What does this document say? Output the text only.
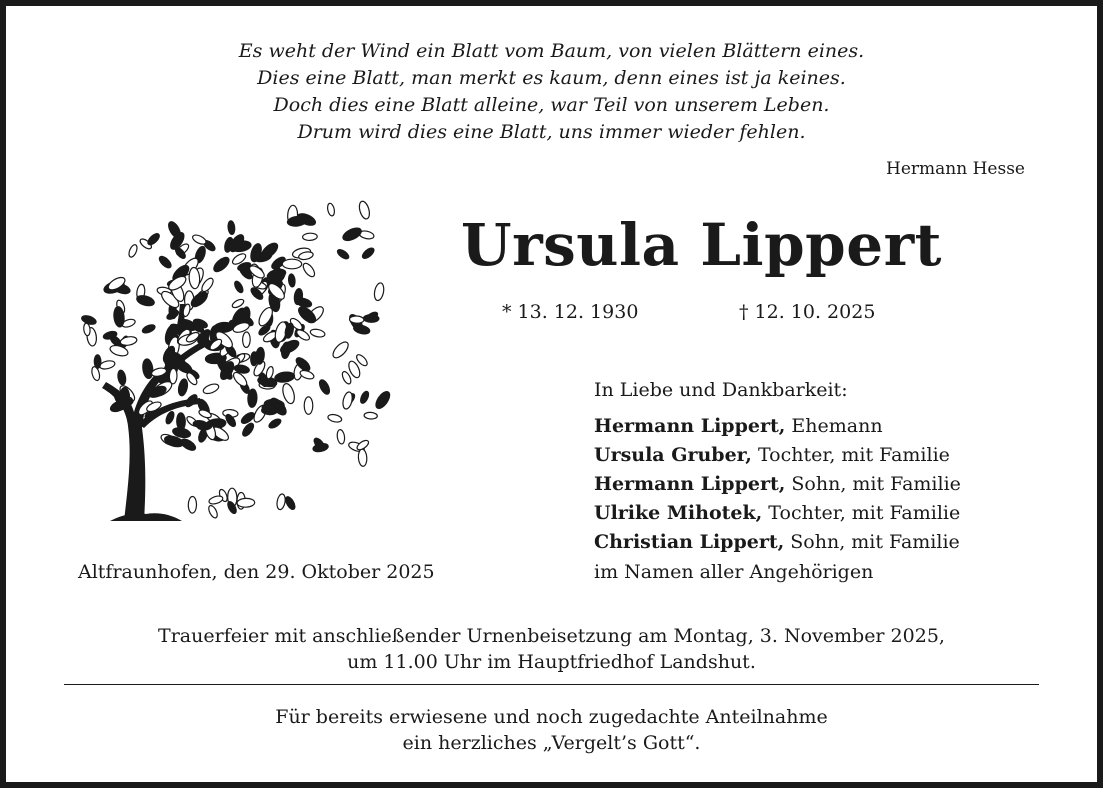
Es weht der Wind ein Blatt vom Baum, von vielen Blättern eines.
Dies eine Blatt, man merkt es kaum, denn eines ist ja keines.
Doch dies eine Blatt alleine, war Teil von unserem Leben.
Drum wird dies eine Blatt, uns immer wieder fehlen.
Hermann Hesse
Ursula Lippert
* 13. 12. 1930	† 12. 10. 2025
In Liebe und Dankbarkeit:
Hermann Lippert, Ehemann
Ursula Gruber, Tochter, mit Familie
Hermann Lippert, Sohn, mit Familie
Ulrike Mihotek, Tochter, mit Familie
Christian Lippert, Sohn, mit Familie
Altfraunhofen, den 29. Oktober 2025	im Namen aller Angehörigen
Trauerfeier mit anschließender Urnenbeisetzung am Montag, 3. November 2025,
um 11.00 Uhr im Hauptfriedhof Landshut.
Für bereits erwiesene und noch zugedachte Anteilnahme
ein herzliches „Vergelt’s Gott“.
